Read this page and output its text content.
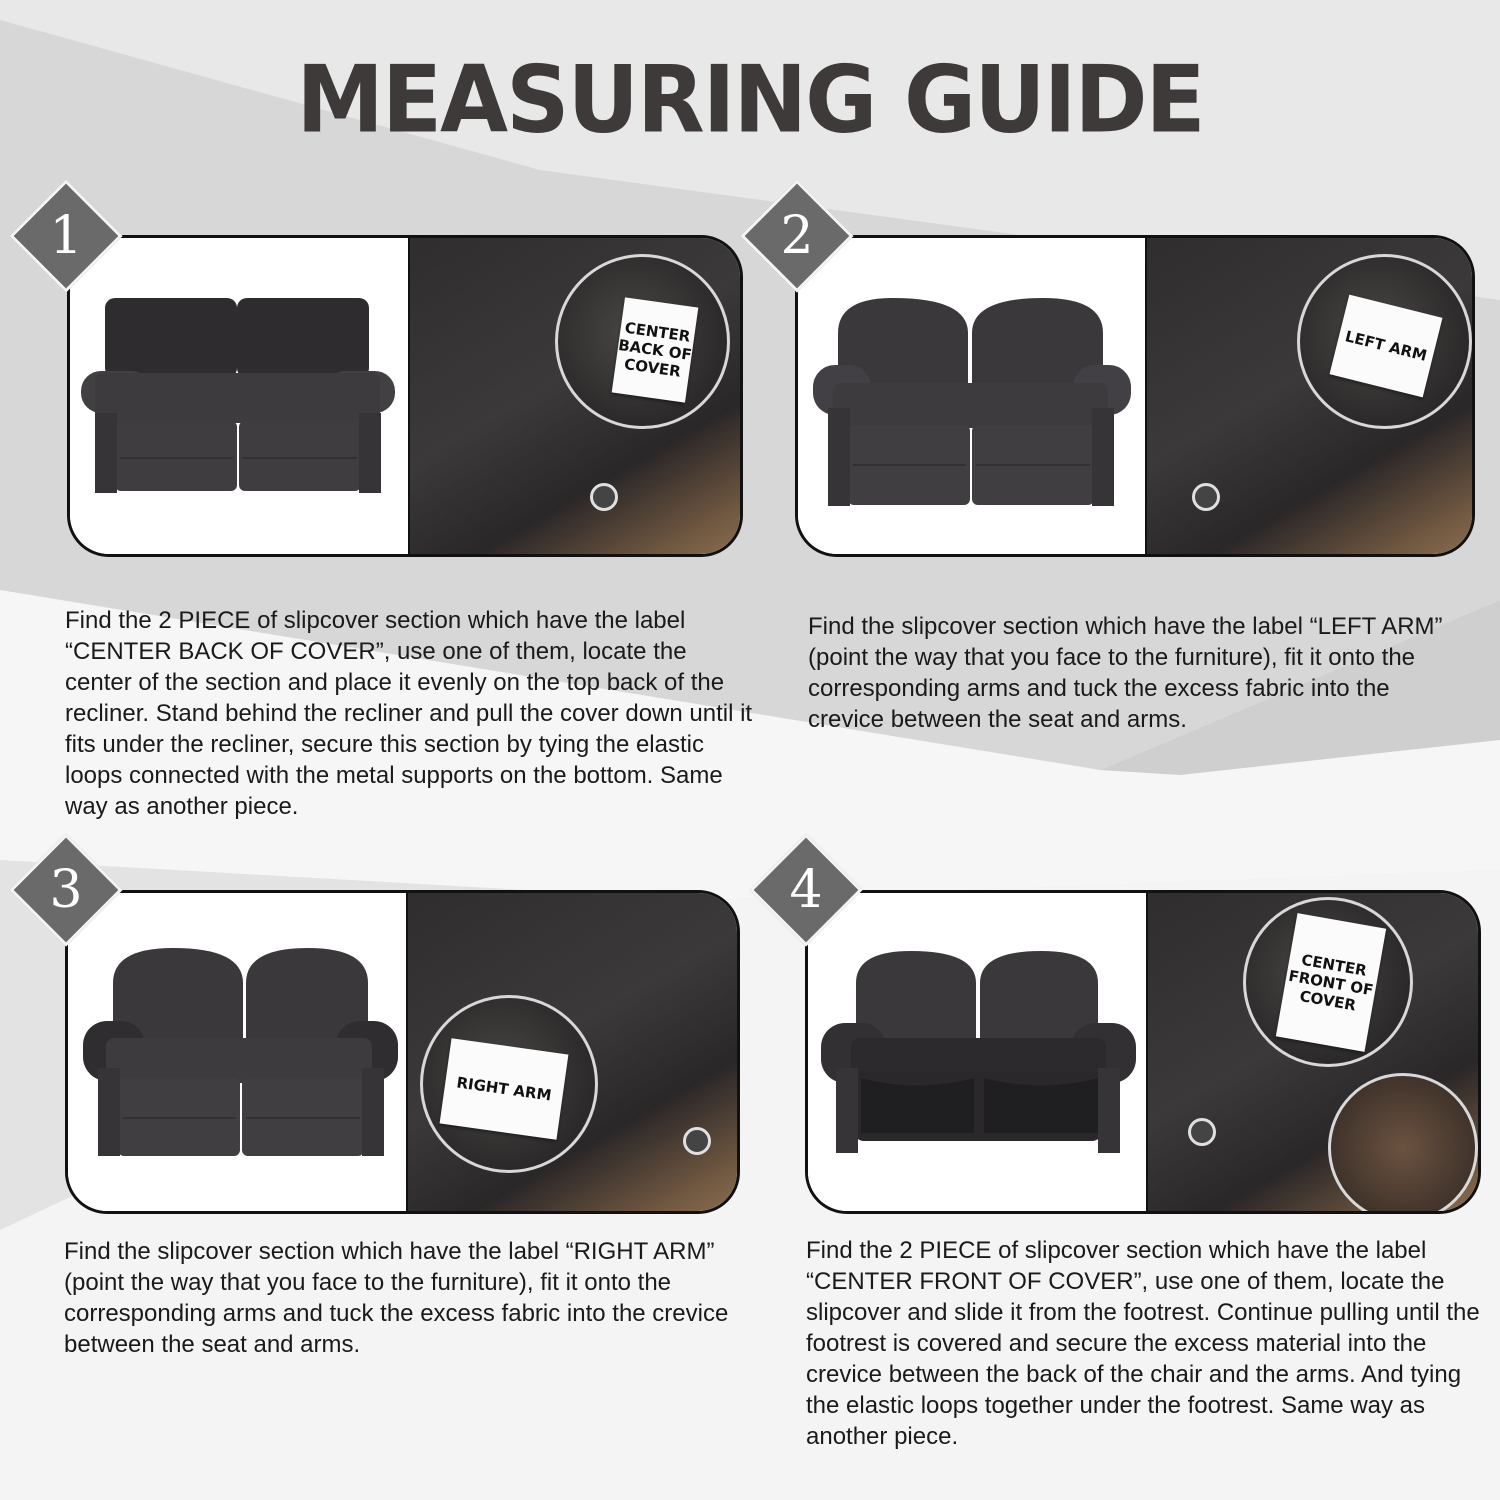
MEASURING GUIDE
CENTER BACK OF COVER
1

Find the 2 PIECE of slipcover section which have the label “CENTER BACK OF COVER”, use one of them, locate the center of the section and place it evenly on the top back of the recliner. Stand behind the recliner and pull the cover down until it fits under the recliner, secure this section by tying the elastic loops connected with the metal supports on the bottom. Same way as another piece.

LEFT ARM
2

Find the slipcover section which have the label “LEFT ARM” (point the way that you face to the furniture), fit it onto the corresponding arms and tuck the excess fabric into the crevice between the seat and arms.

RIGHT ARM
3

Find the slipcover section which have the label “RIGHT ARM” (point the way that you face to the furniture), fit it onto the corresponding arms and tuck the excess fabric into the crevice between the seat and arms.

CENTER FRONT OF COVER
4

Find the 2 PIECE of slipcover section which have the label “CENTER FRONT OF COVER”, use one of them, locate the slipcover and slide it from the footrest. Continue pulling until the footrest is covered and secure the excess material into the crevice between the back of the chair and the arms. And tying the elastic loops together under the footrest. Same way as another piece.
